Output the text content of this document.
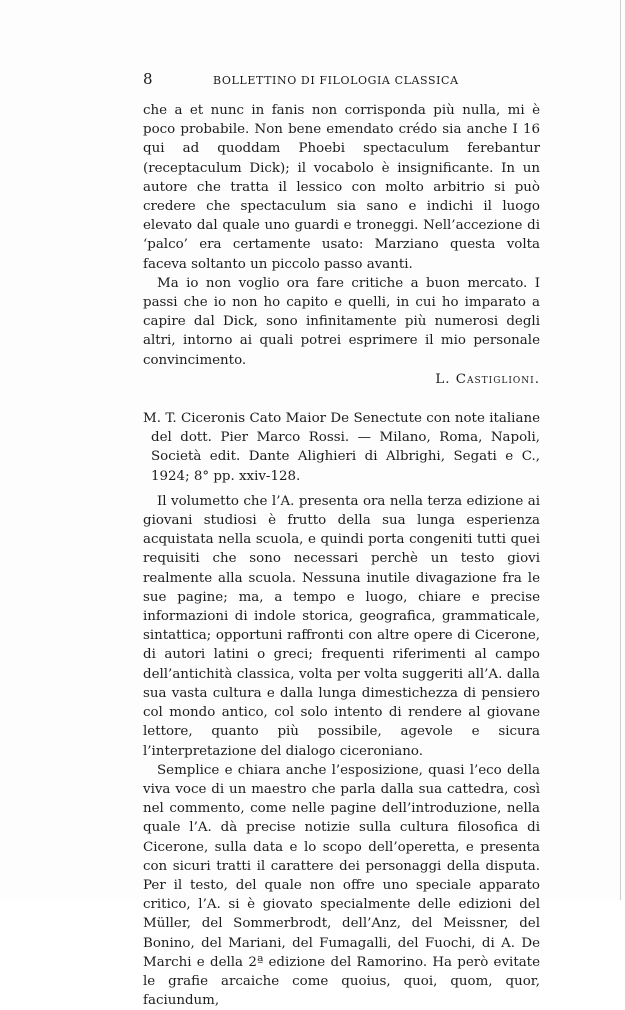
8	BOLLETTINO DI FILOLOGIA CLASSICA

che a et nunc in fanis non corrisponda più nulla, mi è poco probabile. Non bene emendato crédo sia anche I 16 qui ad quoddam Phoebi spectaculum ferebantur (receptaculum Dick); il vocabolo è insignificante. In un autore che tratta il lessico con molto arbitrio si può credere che spectaculum sia sano e indichi il luogo elevato dal quale uno guardi e troneggi. Nell’accezione di ‘palco’ era certamente usato: Marziano questa volta faceva soltanto un piccolo passo avanti.

Ma io non voglio ora fare critiche a buon mercato. I passi che io non ho capito e quelli, in cui ho imparato a capire dal Dick, sono infinitamente più numerosi degli altri, intorno ai quali potrei esprimere il mio personale convincimento.

L. Castiglioni.

M. T. Ciceronis Cato Maior De Senectute con note italiane del dott. Pier Marco Rossi. — Milano, Roma, Napoli, Società edit. Dante Alighieri di Albrighi, Segati e C., 1924; 8° pp. xxiv-128.

Il volumetto che l’A. presenta ora nella terza edizione ai giovani studiosi è frutto della sua lunga esperienza acquistata nella scuola, e quindi porta congeniti tutti quei requisiti che sono necessari perchè un testo giovi realmente alla scuola. Nessuna inutile divagazione fra le sue pagine; ma, a tempo e luogo, chiare e precise informazioni di indole storica, geografica, grammaticale, sintattica; opportuni raffronti con altre opere di Cicerone, di autori latini o greci; frequenti riferimenti al campo dell’antichità classica, volta per volta suggeriti all’A. dalla sua vasta cultura e dalla lunga dimestichezza di pensiero col mondo antico, col solo intento di rendere al giovane lettore, quanto più possibile, agevole e sicura l’interpretazione del dialogo ciceroniano.

Semplice e chiara anche l’esposizione, quasi l’eco della viva voce di un maestro che parla dalla sua cattedra, così nel commento, come nelle pagine dell’introduzione, nella quale l’A. dà precise notizie sulla cultura filosofica di Cicerone, sulla data e lo scopo dell’operetta, e presenta con sicuri tratti il carattere dei personaggi della disputa. Per il testo, del quale non offre uno speciale apparato critico, l’A. si è giovato specialmente delle edizioni del Müller, del Sommerbrodt, dell’Anz, del Meissner, del Bonino, del Mariani, del Fumagalli, del Fuochi, di A. De Marchi e della 2ª edizione del Ramorino. Ha però evitate le grafie arcaiche come quoius, quoi, quom, quor, faciundum,
